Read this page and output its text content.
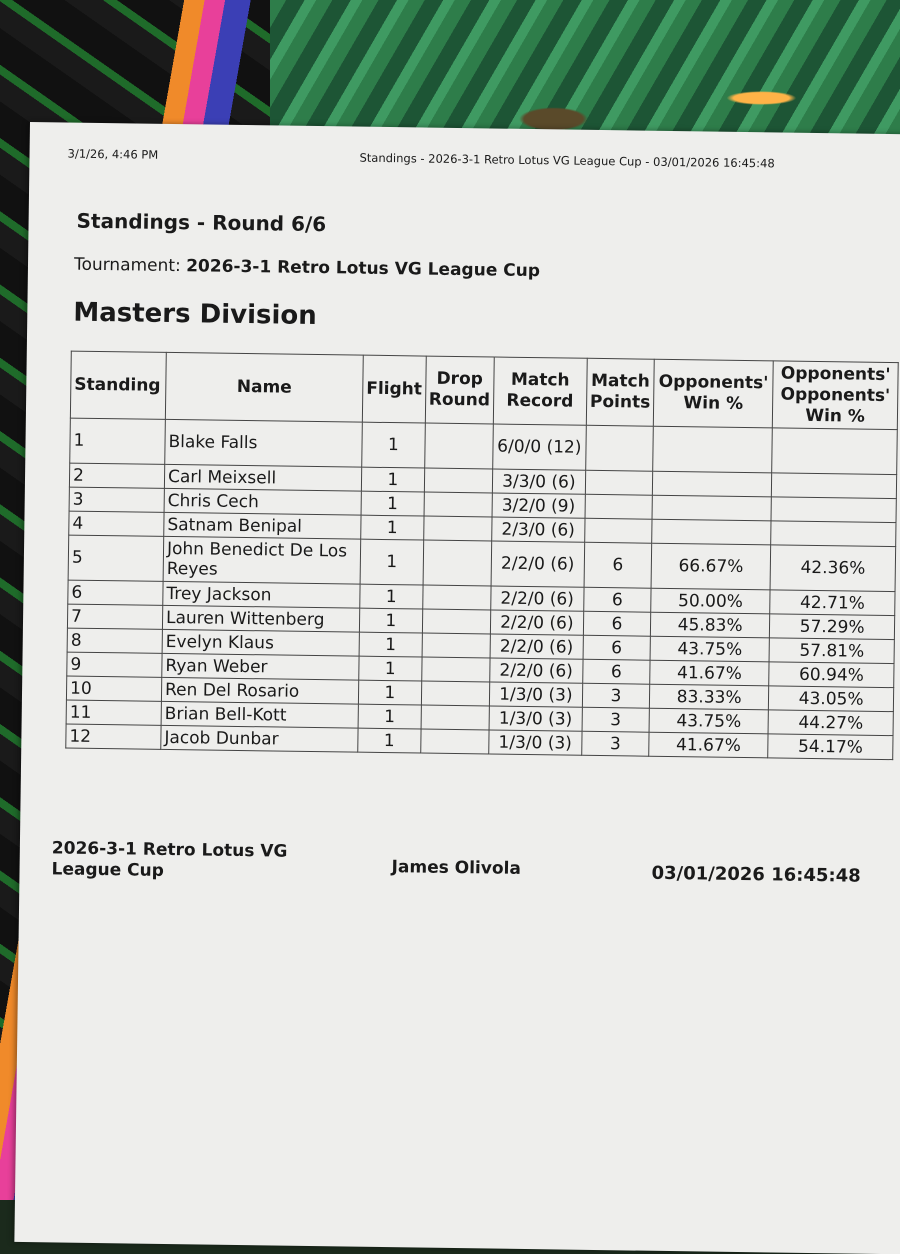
3/1/26, 4:46 PM	Standings - 2026-3-1 Retro Lotus VG League Cup - 03/01/2026 16:45:48
Standings - Round 6/6
Tournament: 2026-3-1 Retro Lotus VG League Cup
Masters Division
Standing	Name	Flight	Drop Round	Match Record	Match Points	Opponents' Win %	Opponents' Opponents' Win %
1	Blake Falls	1		6/0/0 (12)			
2	Carl Meixsell	1		3/3/0 (6)			
3	Chris Cech	1		3/2/0 (9)			
4	Satnam Benipal	1		2/3/0 (6)			
5	John Benedict De Los Reyes	1		2/2/0 (6)	6	66.67%	42.36%
6	Trey Jackson	1		2/2/0 (6)	6	50.00%	42.71%
7	Lauren Wittenberg	1		2/2/0 (6)	6	45.83%	57.29%
8	Evelyn Klaus	1		2/2/0 (6)	6	43.75%	57.81%
9	Ryan Weber	1		2/2/0 (6)	6	41.67%	60.94%
10	Ren Del Rosario	1		1/3/0 (3)	3	83.33%	43.05%
11	Brian Bell-Kott	1		1/3/0 (3)	3	43.75%	44.27%
12	Jacob Dunbar	1		1/3/0 (3)	3	41.67%	54.17%
2026-3-1 Retro Lotus VG League Cup	James Olivola	03/01/2026 16:45:48
